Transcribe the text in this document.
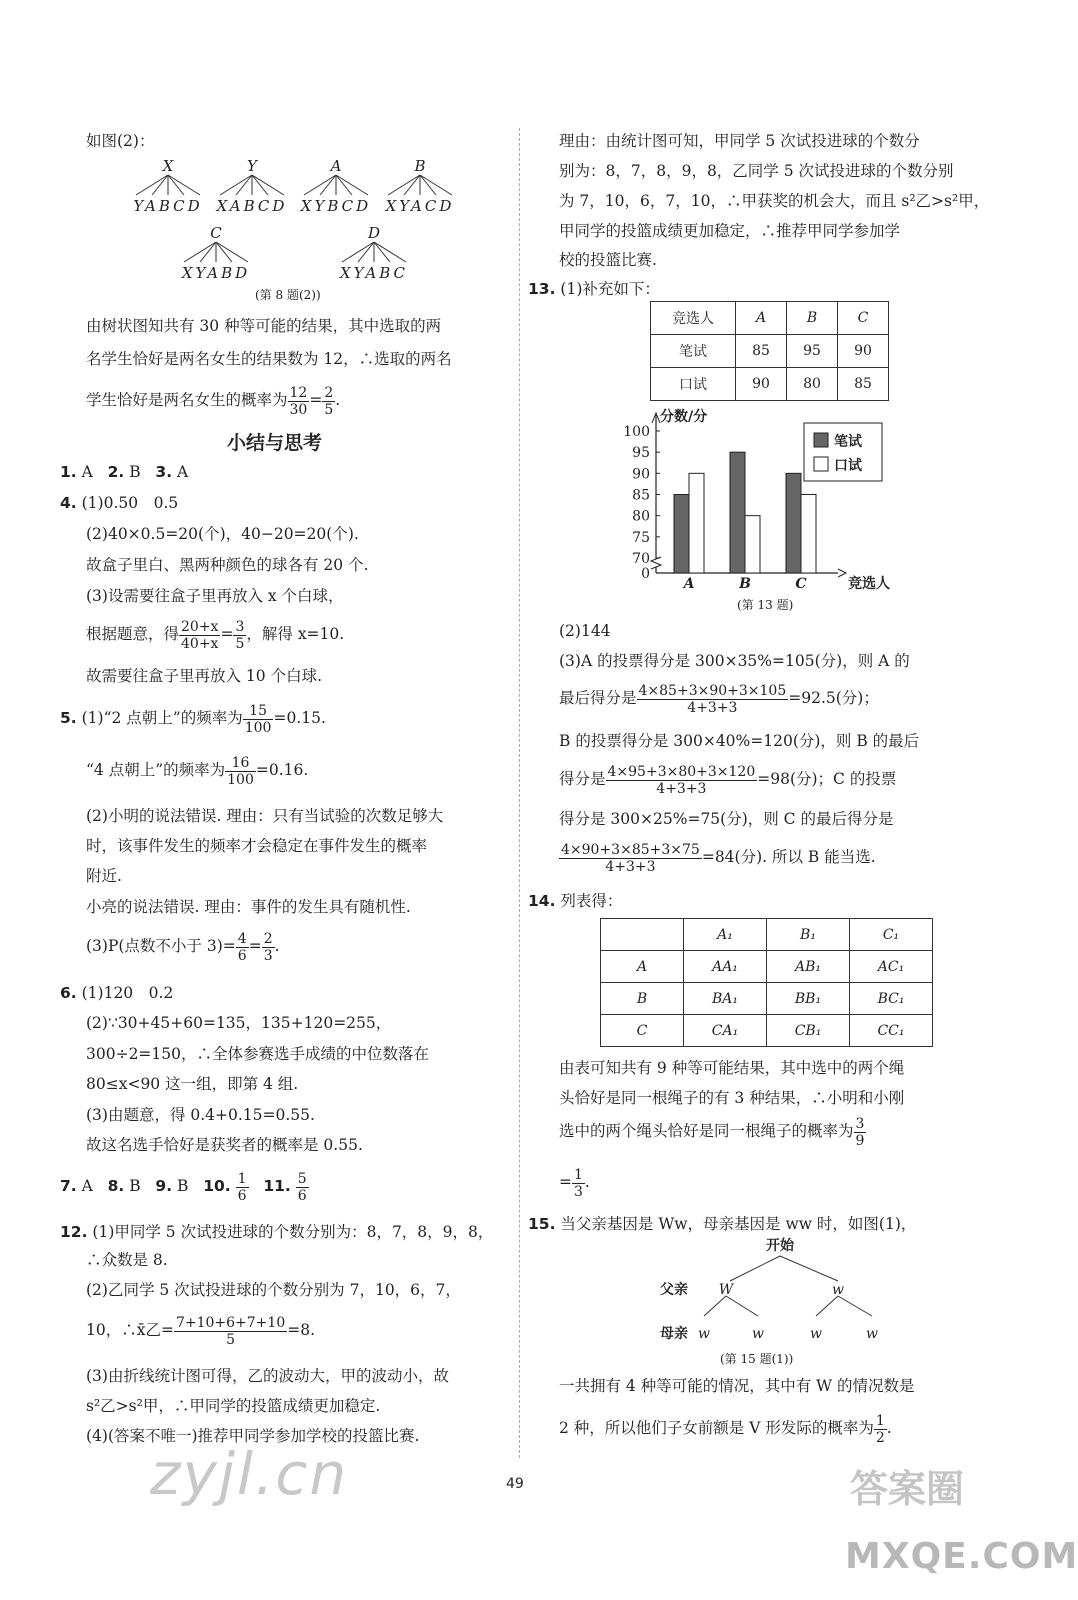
如图(2)：
X	Y	A	B
C	D
YABCD XABCD XYBCD XYACD
XYABD	XYABC
(第 8 题(2))
由树状图知共有 30 种等可能的结果，其中选取的两
名学生恰好是两名女生的结果数为 12，∴选取的两名
学生恰好是两名女生的概率为 $\frac{12}{30} = \frac{2}{5}$ .
小结与思考
1. A 2. B 3. A
4. (1)0.50　0.5
(2)40×0.5=20(个)，40−20=20(个).
故盒子里白、黑两种颜色的球各有 20 个.
(3)设需要往盒子里再放入 x 个白球，
根据题意，得 $\frac{20+x}{40+x} = \frac{3}{5}$ ，解得 x=10.
故需要往盒子里再放入 10 个白球.
5. (1)“2 点朝上”的频率为 $\frac{15}{100} =0.15$.
“4 点朝上”的频率为 $\frac{16}{100} =0.16$.
(2)小明的说法错误. 理由：只有当试验的次数足够大
时，该事件发生的频率才会稳定在事件发生的概率
附近.
小亮的说法错误. 理由：事件的发生具有随机性.
(3)P(点数不小于 $3)= \frac{4}{6} = \frac{2}{3}$ .
6. (1)120　0.2
(2)∵30+45+60=135，135+120=255，
300÷2=150，∴全体参赛选手成绩的中位数落在
80≤x<90 这一组，即第 4 组.
(3)由题意，得 0.4+0.15=0.55.
故这名选手恰好是获奖者的概率是 0.55.
7. A 8. B 9. B 10. $\frac{1}{6} 11$. $\frac{5}{6}$
12. (1)甲同学 5 次试投进球的个数分别为：8，7，8，9，8，
∴众数是 8.
(2)乙同学 5 次试投进球的个数分别为 7，10，6，7，
10，∴x̄乙= $\frac{7+10+6+7+10}{5} =8$.
(3)由折线统计图可得，乙的波动大，甲的波动小，故
s²乙>s²甲，∴甲同学的投篮成绩更加稳定.
(4)(答案不唯一)推荐甲同学参加学校的投篮比赛.
理由：由统计图可知，甲同学 5 次试投进球的个数分
别为：8，7，8，9，8，乙同学 5 次试投进球的个数分别
为 7，10，6，7，10，∴甲获奖的机会大，而且 s²乙>s²甲，
甲同学的投篮成绩更加稳定，∴推荐甲同学参加学
校的投篮比赛.
13. (1)补充如下：
竞选人	A	B	C
笔试	85	95	90
口试	90	80	85
分数/分
竞选人
0
70
75
80
85
90
95
100
A	B	C
笔试
口试
(第 13 题)
(2)144
(3)A 的投票得分是 300×35%=105(分)，则 A 的
最后得分是 $\frac{4\times 85+3\times 90+3\times 105}{4+3+3} =92.5$(分)；
B 的投票得分是 300×40%=120(分)，则 B 的最后
得分是 $\frac{4\times 95+3\times 80+3\times 120}{4+3+3} =98$(分)；C 的投票
得分是 300×25%=75(分)，则 C 的最后得分是
$\frac{4\times 90+3\times 85+3\times 75}{4+3+3} =84$(分). 所以 B 能当选.
14. 列表得：
	A₁	B₁	C₁
A	AA₁	AB₁	AC₁
B	BA₁	BB₁	BC₁
C	CA₁	CB₁	CC₁
由表可知共有 9 种等可能结果，其中选中的两个绳
头恰好是同一根绳子的有 3 种结果，∴小明和小刚
选中的两个绳头恰好是同一根绳子的概率为 $\frac{3}{9}$
= $\frac{1}{3}$ .
15. 当父亲基因是 Ww，母亲基因是 ww 时，如图(1)，
开始
父亲
母亲
W	w
w	w	w	w
(第 15 题(1))
一共拥有 4 种等可能的情况，其中有 W 的情况数是
2 种，所以他们子女前额是 V 形发际的概率为 $\frac{1}{2}$ .
49
zyjl.cn	答案圈
MXQE.COM
